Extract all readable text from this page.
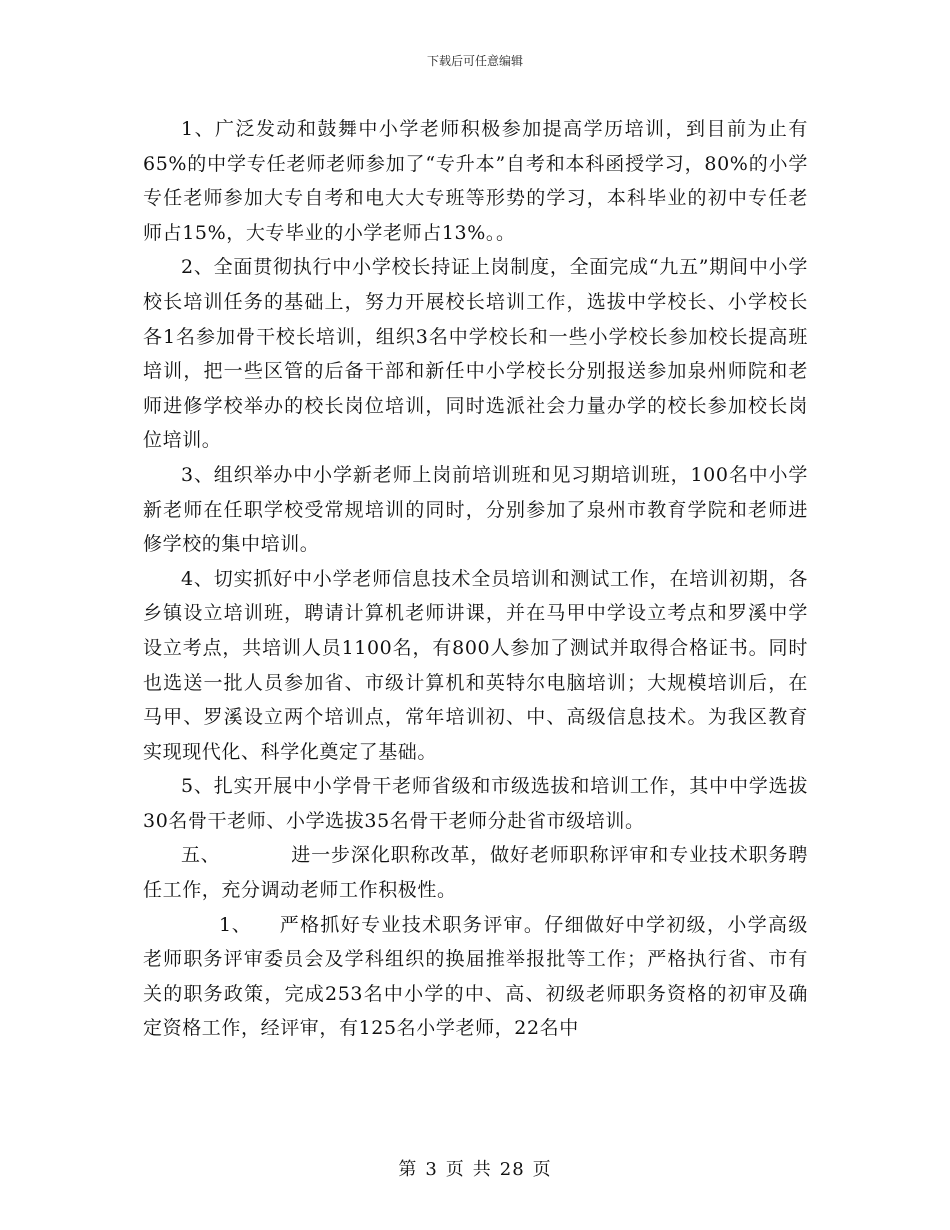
下载后可任意编辑

1、广泛发动和鼓舞中小学老师积极参加提高学历培训，到目前为止有65%的中学专任老师老师参加了“专升本”自考和本科函授学习，80%的小学专任老师参加大专自考和电大大专班等形势的学习，本科毕业的初中专任老师占15%，大专毕业的小学老师占13%。。

2、全面贯彻执行中小学校长持证上岗制度，全面完成“九五”期间中小学校长培训任务的基础上，努力开展校长培训工作，选拔中学校长、小学校长各1名参加骨干校长培训，组织3名中学校长和一些小学校长参加校长提高班培训，把一些区管的后备干部和新任中小学校长分别报送参加泉州师院和老师进修学校举办的校长岗位培训，同时选派社会力量办学的校长参加校长岗位培训。

3、组织举办中小学新老师上岗前培训班和见习期培训班，100名中小学新老师在任职学校受常规培训的同时，分别参加了泉州市教育学院和老师进修学校的集中培训。

4、切实抓好中小学老师信息技术全员培训和测试工作，在培训初期，各乡镇设立培训班，聘请计算机老师讲课，并在马甲中学设立考点和罗溪中学设立考点，共培训人员1100名，有800人参加了测试并取得合格证书。同时也选送一批人员参加省、市级计算机和英特尔电脑培训；大规模培训后，在马甲、罗溪设立两个培训点，常年培训初、中、高级信息技术。为我区教育实现现代化、科学化奠定了基础。

5、扎实开展中小学骨干老师省级和市级选拔和培训工作，其中中学选拔30名骨干老师、小学选拔35名骨干老师分赴省市级培训。

五、	进一步深化职称改革，做好老师职称评审和专业技术职务聘任工作，充分调动老师工作积极性。

1、 严格抓好专业技术职务评审。仔细做好中学初级，小学高级老师职务评审委员会及学科组织的换届推举报批等工作；严格执行省、市有关的职务政策，完成253名中小学的中、高、初级老师职务资格的初审及确定资格工作，经评审，有125名小学老师，22名中

第 3 页 共 28 页
